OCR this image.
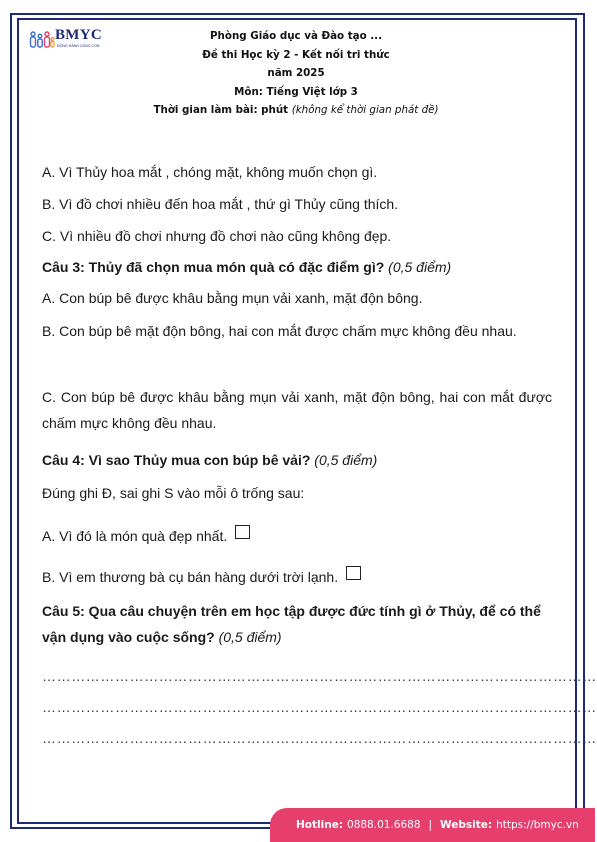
BMYC
ĐỒNG HÀNH CÙNG CON
Phòng Giáo dục và Đào tạo ...
Đề thi Học kỳ 2 - Kết nối tri thức
năm 2025
Môn: Tiếng Việt lớp 3
Thời gian làm bài: phút (không kể thời gian phát đề)
A. Vì Thủy hoa mắt , chóng mặt, không muốn chọn gì.
B. Vì đồ chơi nhiều đến hoa mắt , thứ gì Thủy cũng thích.
C. Vì nhiều đồ chơi nhưng đồ chơi nào cũng không đẹp.
Câu 3: Thủy đã chọn mua món quà có đặc điểm gì? (0,5 điểm)
A. Con búp bê được khâu bằng mụn vải xanh, mặt độn bông.
B. Con búp bê mặt độn bông, hai con mắt được chấm mực không đều nhau.
C. Con búp bê được khâu bằng mụn vải xanh, mặt độn bông, hai con mắt được chấm mực không đều nhau.
Câu 4: Vì sao Thủy mua con búp bê vải? (0,5 điểm)
Đúng ghi Đ, sai ghi S vào mỗi ô trống sau:
A. Vì đó là món quà đẹp nhất.
B. Vì em thương bà cụ bán hàng dưới trời lạnh.
Câu 5: Qua câu chuyện trên em học tập được đức tính gì ở Thủy, để có thể vận dụng vào cuộc sống? (0,5 điểm)
……………………………………………………………………………………………………
……………………………………………………………………………………………………
……………………………………………………………………………………………………
Hotline: 0888.01.6688 | Website: https://bmyc.vn
